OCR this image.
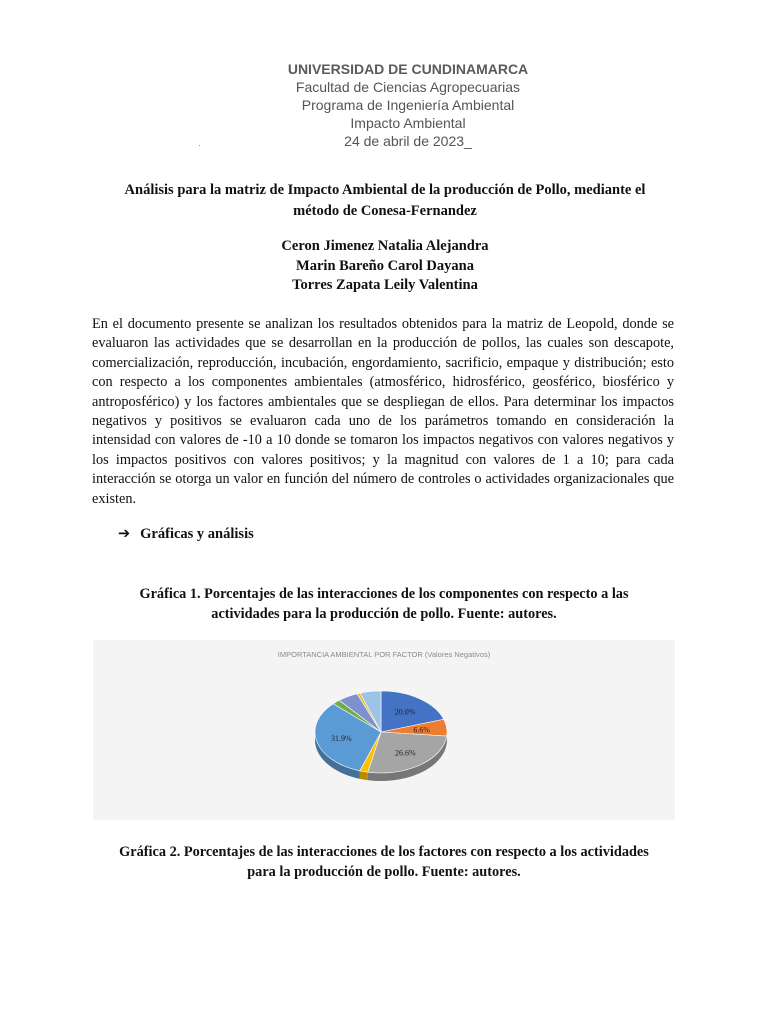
UNIVERSIDAD DE CUNDINAMARCA
Facultad de Ciencias Agropecuarias
Programa de Ingeniería Ambiental
Impacto Ambiental
24 de abril de 2023_
·
Análisis para la matriz de Impacto Ambiental de la producción de Pollo, mediante el
método de Conesa-Fernandez
Ceron Jimenez Natalia Alejandra
Marin Bareño Carol Dayana
Torres Zapata Leily Valentina
En el documento presente se analizan los resultados obtenidos para la matriz de Leopold, donde se evaluaron las actividades que se desarrollan en la producción de pollos, las cuales son descapote, comercialización, reproducción, incubación, engordamiento, sacrificio, empaque y distribución; esto con respecto a los componentes ambientales (atmosférico, hidrosférico, geosférico, biosférico y antroposférico) y los factores ambientales que se despliegan de ellos. Para determinar los impactos negativos y positivos se evaluaron cada uno de los parámetros tomando en consideración la intensidad con valores de -10 a 10 donde se tomaron los impactos negativos con valores negativos y los impactos positivos con valores positivos; y la magnitud con valores de 1 a 10; para cada interacción se otorga un valor en función del número de controles o actividades organizacionales que existen.
➔ Gráficas y análisis
Gráfica 1. Porcentajes de las interacciones de los componentes con respecto a las
actividades para la producción de pollo. Fuente: autores.
IMPORTANCIA AMBIENTAL POR FACTOR (Valores Negativos)
20.0%
6.6%
26.6%
31.9%
Gráfica 2. Porcentajes de las interacciones de los factores con respecto a los actividades
para la producción de pollo. Fuente: autores.
